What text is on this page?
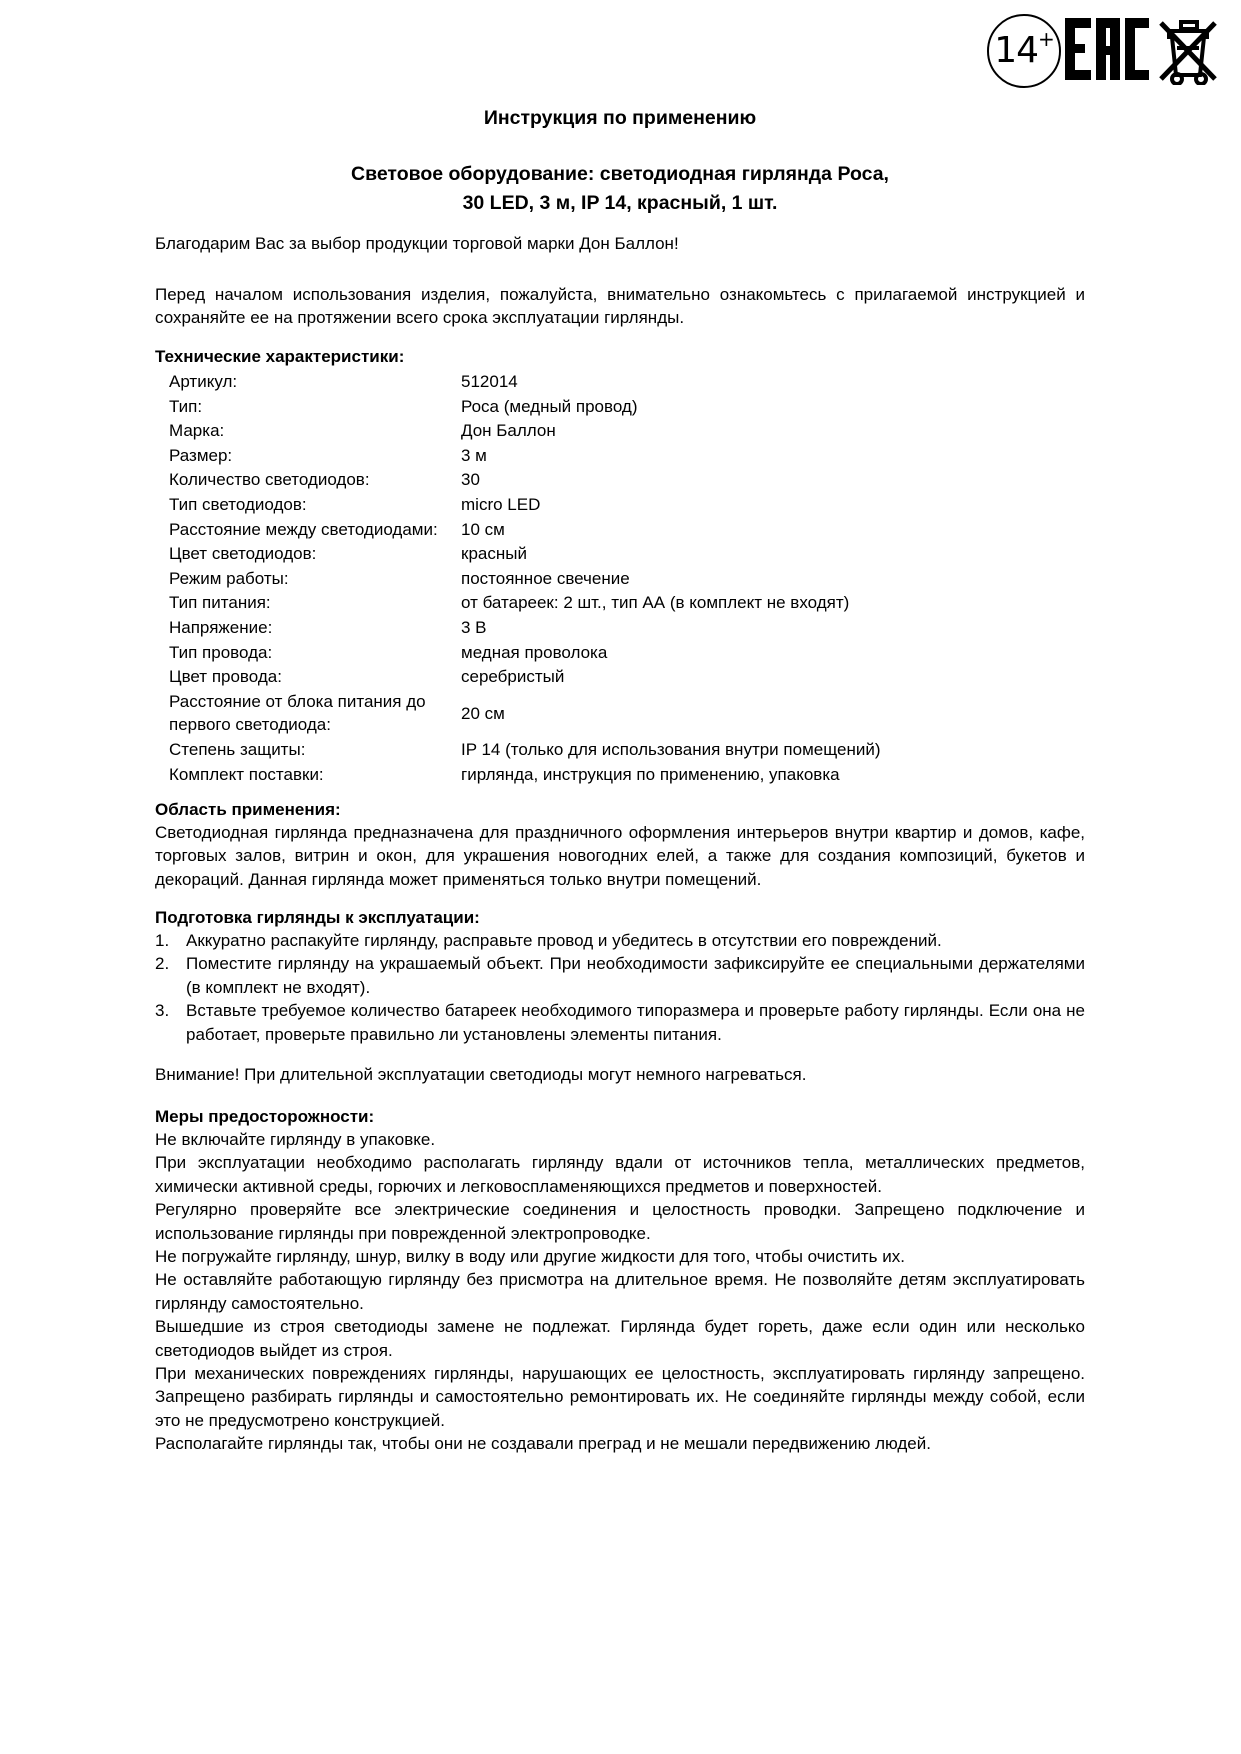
14+
Инструкция по применению
Световое оборудование: светодиодная гирлянда Роса,
30 LED, 3 м, IP 14, красный, 1 шт.

Благодарим Вас за выбор продукции торговой марки Дон Баллон!

Перед началом использования изделия, пожалуйста, внимательно ознакомьтесь с прилагаемой инструкцией и сохраняйте ее на протяжении всего срока эксплуатации гирлянды.

Технические характеристики:
Артикул:	512014
Тип:	Роса (медный провод)
Марка:	Дон Баллон
Размер:	3 м
Количество светодиодов:	30
Тип светодиодов:	micro LED
Расстояние между светодиодами:	10 см
Цвет светодиодов:	красный
Режим работы:	постоянное свечение
Тип питания:	от батареек: 2 шт., тип АА (в комплект не входят)
Напряжение:	3 В
Тип провода:	медная проволока
Цвет провода:	серебристый
Расстояние от блока питания до первого светодиода:	20 см
Степень защиты:	IP 14 (только для использования внутри помещений)
Комплект поставки:	гирлянда, инструкция по применению, упаковка
Область применения:

Светодиодная гирлянда предназначена для праздничного оформления интерьеров внутри квартир и домов, кафе, торговых залов, витрин и окон, для украшения новогодних елей, а также для создания композиций, букетов и декораций. Данная гирлянда может применяться только внутри помещений.

Подготовка гирлянды к эксплуатации:
1. Аккуратно распакуйте гирлянду, расправьте провод и убедитесь в отсутствии его повреждений.
2. Поместите гирлянду на украшаемый объект. При необходимости зафиксируйте ее специальными держателями (в комплект не входят).
3. Вставьте требуемое количество батареек необходимого типоразмера и проверьте работу гирлянды. Если она не работает, проверьте правильно ли установлены элементы питания.

Внимание! При длительной эксплуатации светодиоды могут немного нагреваться.

Меры предосторожности:

Не включайте гирлянду в упаковке.

При эксплуатации необходимо располагать гирлянду вдали от источников тепла, металлических предметов, химически активной среды, горючих и легковоспламеняющихся предметов и поверхностей.

Регулярно проверяйте все электрические соединения и целостность проводки. Запрещено подключение и использование гирлянды при поврежденной электропроводке.

Не погружайте гирлянду, шнур, вилку в воду или другие жидкости для того, чтобы очистить их.

Не оставляйте работающую гирлянду без присмотра на длительное время. Не позволяйте детям эксплуатировать гирлянду самостоятельно.

Вышедшие из строя светодиоды замене не подлежат. Гирлянда будет гореть, даже если один или несколько светодиодов выйдет из строя.

При механических повреждениях гирлянды, нарушающих ее целостность, эксплуатировать гирлянду запрещено. Запрещено разбирать гирлянды и самостоятельно ремонтировать их. Не соединяйте гирлянды между собой, если это не предусмотрено конструкцией.

Располагайте гирлянды так, чтобы они не создавали преград и не мешали передвижению людей.
